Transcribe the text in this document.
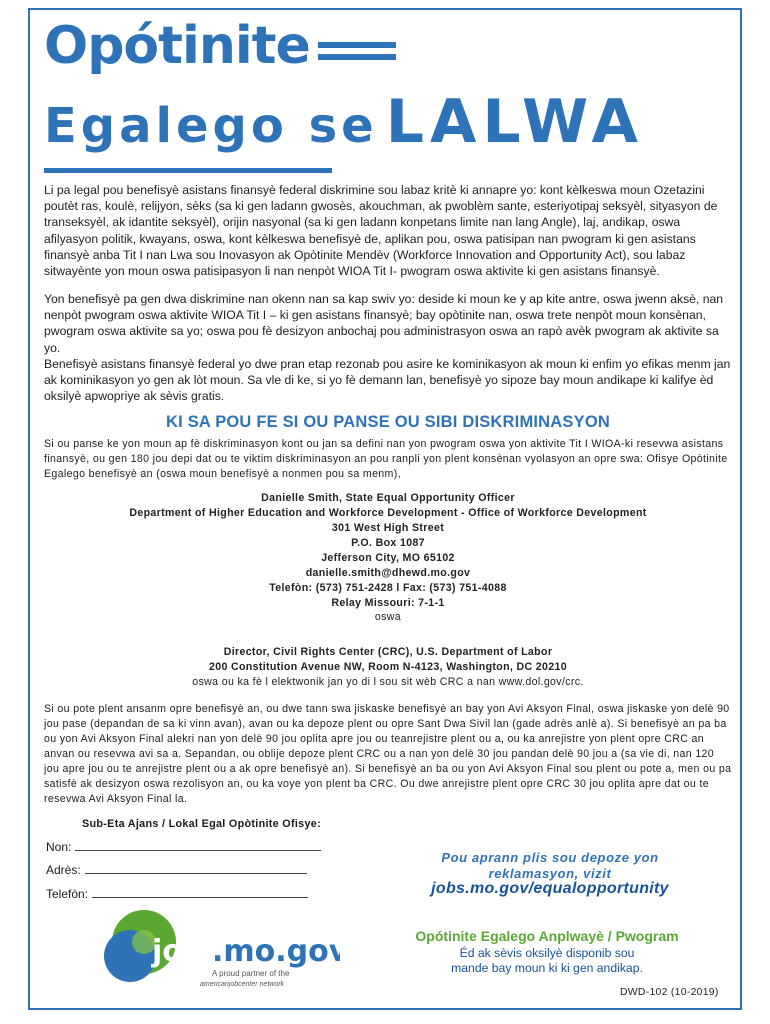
Opótinite
Egalego se LALWA
Li pa legal pou benefisyè asistans finansyè federal diskrimine sou labaz kritè ki annapre yo: kont kèlkeswa moun Ozetazini poutèt ras, koulè, relijyon, sèks (sa ki gen ladann gwosès, akouchman, ak pwoblèm sante, esteriyotipaj seksyèl, sityasyon de transeksyèl, ak idantite seksyèl), orijin nasyonal (sa ki gen ladann konpetans limite nan lang Angle), laj, andikap, oswa afilyasyon politik, kwayans, oswa, kont kèlkeswa benefisyè de, aplikan pou, oswa patisipan nan pwogram ki gen asistans finansyè anba Tit I nan Lwa sou Inovasyon ak Opòtinite Mendèv (Workforce Innovation and Opportunity Act), sou labaz sitwayènte yon moun oswa patisipasyon li nan nenpòt WIOA Tit I- pwogram oswa aktivite ki gen asistans finansyè.
Yon benefisyè pa gen dwa diskrimine nan okenn nan sa kap swiv yo: deside ki moun ke y ap kite antre, oswa jwenn aksè, nan nenpòt pwogram oswa aktivite WIOA Tit I – ki gen asistans finansyè; bay opòtinite nan, oswa trete nenpòt moun konsènan, pwogram oswa aktivite sa yo; oswa pou fè desizyon anbochaj pou administrasyon oswa an rapò avèk pwogram ak aktivite sa yo.
Benefisyè asistans finansyè federal yo dwe pran etap rezonab pou asire ke kominikasyon ak moun ki enfim yo efikas menm jan ak kominikasyon yo gen ak lòt moun. Sa vle di ke, si yo fè demann lan, benefisyè yo sipoze bay moun andikape ki kalifye èd oksilyè apwopriye ak sèvis gratis.
KI SA POU FE SI OU PANSE OU SIBI DISKRIMINASYON
Si ou panse ke yon moun ap fè diskriminasyon kont ou jan sa defini nan yon pwogram oswa yon aktivite Tit I WIOA-ki resevwa asistans finansyè, ou gen 180 jou depi dat ou te viktim diskriminasyon an pou ranpli yon plent konsènan vyolasyon an opre swa: Ofisye Opòtinite Egalego benefisyè an (oswa moun benefisyè a nonmen pou sa menm),
Danielle Smith, State Equal Opportunity Officer
Department of Higher Education and Workforce Development - Office of Workforce Development
301 West High Street
P.O. Box 1087
Jefferson City, MO 65102
danielle.smith@dhewd.mo.gov
Telefòn: (573) 751-2428 l Fax: (573) 751-4088
Relay Missouri: 7-1-1
oswa
Director, Civil Rights Center (CRC), U.S. Department of Labor
200 Constitution Avenue NW, Room N-4123, Washington, DC 20210
oswa ou ka fè l elektwonik jan yo di l sou sit wèb CRC a nan www.dol.gov/crc.
Si ou pote plent ansanm opre benefisyè an, ou dwe tann swa jiskaske benefisyè an bay yon Avi Aksyon Final, oswa jiskaske yon delè 90 jou pase (depandan de sa ki vinn avan), avan ou ka depoze plent ou opre Sant Dwa Sivil lan (gade adrès anlè a). Si benefisyè an pa ba ou yon Avi Aksyon Final alekri nan yon delè 90 jou oplita apre jou ou teanrejistre plent ou a, ou ka anrejistre yon plent opre CRC an anvan ou resevwa avi sa a. Sepandan, ou oblije depoze plent CRC ou a nan yon delè 30 jou pandan delè 90 jou a (sa vie di, nan 120 jou apre jou ou te anrejistre plent ou a ak opre benefisyè an). Si benefisyè an ba ou yon Avi Aksyon Final sou plent ou pote a, men ou pa satisfè ak desizyon oswa rezolisyon an, ou ka voye yon plent ba CRC. Ou dwe anrejistre plent opre CRC 30 jou oplita apre dat ou te resevwa Avi Aksyon Final la.
Sub-Eta Ajans / Lokal Egal Opòtinite Ofisye:
Non:
Adrès:
Telefòn:
Pou aprann plis sou depoze yon
reklamasyon, vizit
jobs.mo.gov/equalopportunity
jobs
.mo.gov
A proud partner of the
americanjobcenter network
Opótinite Egalego Anplwayè / Pwogram
Éd ak sèvis oksilyè disponib sou
mande bay moun ki ki gen andikap.
DWD-102 (10-2019)
